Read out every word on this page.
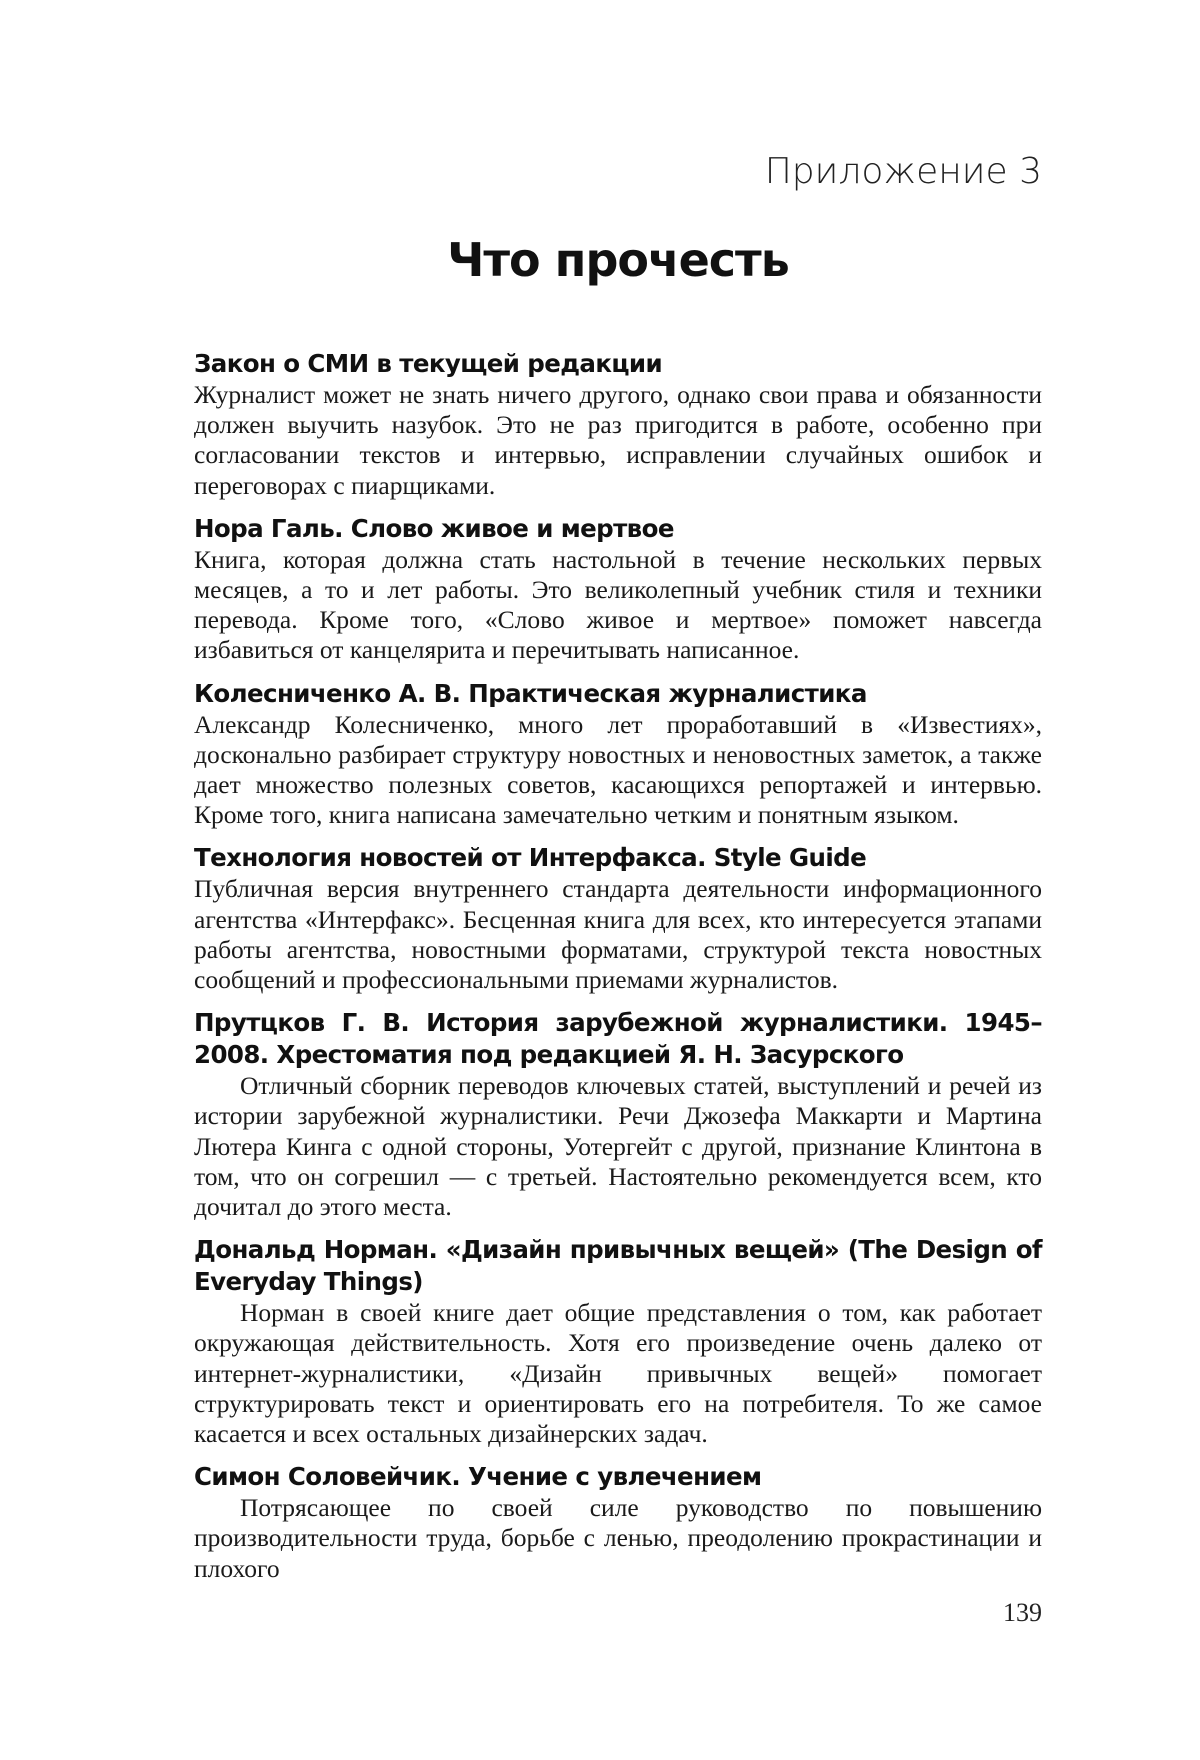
Приложение 3
Что прочесть

Закон о СМИ в текущей редакции

Журналист может не знать ничего другого, однако свои права и обязанности должен выучить назубок. Это не раз пригодится в работе, особенно при согласовании текстов и интервью, исправлении случайных ошибок и переговорах с пиарщиками.

Нора Галь. Слово живое и мертвое

Книга, которая должна стать настольной в течение нескольких первых месяцев, а то и лет работы. Это великолепный учебник стиля и техники перевода. Кроме того, «Слово живое и мертвое» поможет навсегда избавиться от канцелярита и перечитывать написанное.

Колесниченко А. В. Практическая журналистика

Александр Колесниченко, много лет проработавший в «Известиях», досконально разбирает структуру новостных и неновостных заметок, а также дает множество полезных советов, касающихся репортажей и интервью. Кроме того, книга написана замечательно четким и понятным языком.

Технология новостей от Интерфакса. Style Guide

Публичная версия внутреннего стандарта деятельности информационного агентства «Интерфакс». Бесценная книга для всех, кто интересуется этапами работы агентства, новостными форматами, структурой текста новостных сообщений и профессиональными приемами журналистов.

Прутцков Г. В. История зарубежной журналистики. 1945–2008. Хрестоматия под редакцией Я. Н. Засурского

Отличный сборник переводов ключевых статей, выступлений и речей из истории зарубежной журналистики. Речи Джозефа Маккарти и Мартина Лютера Кинга с одной стороны, Уотергейт с другой, признание Клинтона в том, что он согрешил — с третьей. Настоятельно рекомендуется всем, кто дочитал до этого места.

Дональд Норман. «Дизайн привычных вещей» (The Design of Everyday Things)

Норман в своей книге дает общие представления о том, как работает окружающая действительность. Хотя его произведение очень далеко от интернет-журналистики, «Дизайн привычных вещей» помогает структурировать текст и ориентировать его на потребителя. То же самое касается и всех остальных дизайнерских задач.

Симон Соловейчик. Учение с увлечением

Потрясающее по своей силе руководство по повышению производительности труда, борьбе с ленью, преодолению прокрастинации и плохого

139
